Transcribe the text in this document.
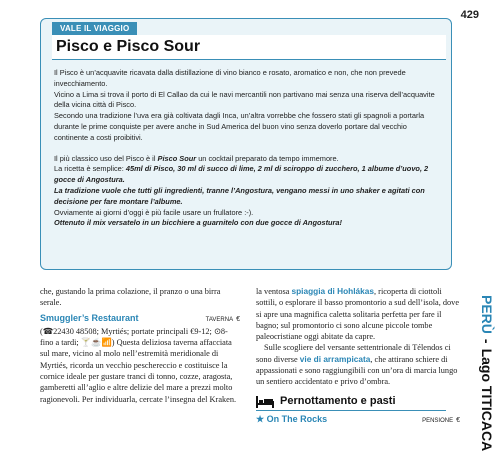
429
VALE IL VIAGGIO
Pisco e Pisco Sour

Il Pisco è un’acquavite ricavata dalla distillazione di vino bianco e rosato, aromatico e non, che non prevede invecchiamento.

Vicino a Lima si trova il porto di El Callao da cui le navi mercantili non partivano mai senza una riserva dell’acquavite della vicina città di Pisco.

Secondo una tradizione l’uva era già coltivata dagli Inca, un’altra vorrebbe che fossero stati gli spagnoli a portarla durante le prime conquiste per avere anche in Sud America del buon vino senza doverlo portare dal vecchio continente a costi proibitivi.

Il più classico uso del Pisco è il Pisco Sour un cocktail preparato da tempo immemore.

La ricetta è semplice: 45ml di Pisco, 30 ml di succo di lime, 2 ml di sciroppo di zucchero, 1 albume d’uovo, 2 gocce di Angostura.

La tradizione vuole che tutti gli ingredienti, tranne l’Angostura, vengano messi in uno shaker e agitati con decisione per fare montare l’albume.

Ovviamente ai giorni d’oggi è più facile usare un frullatore :-).

Ottenuto il mix versatelo in un bicchiere a guarnitelo con due gocce di Angostura!

che, gustando la prima colazione, il pranzo o una birra serale.

Smuggler’s Restaurant	TAVERNA €

(☎22430 48508; Myrtiés; portate principali €9-12; ⊙8-fino a tardi; 🍸☕📶) Questa deliziosa taverna affacciata sul mare, vicino al molo nell’estremità meridionale di Myrtiés, ricorda un vecchio peschereccio e costituisce la cornice ideale per gustare tranci di tonno, cozze, aragosta, gamberetti all’aglio e altre delizie del mare a prezzi molto ragionevoli. Per individuarla, cercate l’insegna del Kraken.

la ventosa spiaggia di Hohlákas, ricoperta di ciottoli sottili, o esplorare il basso promontorio a sud dell’isola, dove si apre una magnifica caletta solitaria perfetta per fare il bagno; sul promontorio ci sono alcune piccole tombe paleocristiane oggi abitate da capre.

Sulle scogliere del versante settentrionale di Télendos ci sono diverse vie di arrampicata, che attirano schiere di appassionati e sono raggiungibili con un’ora di marcia lungo un sentiero accidentato e privo d’ombra.

Pernottamento e pasti
★ On The Rocks	PENSIONE €
PERÙ-Lago TITICACA
